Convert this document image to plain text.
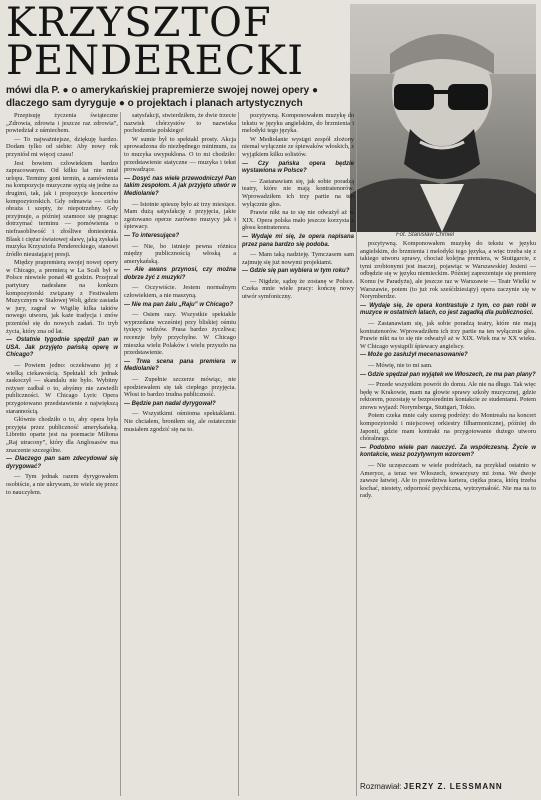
KRZYSZTOF
PENDERECKI
mówi dla P. ● o amerykańskiej prapremierze swojej nowej opery ● dlaczego sam dyryguje ● o projektach i planach artystycznych
Fot. Stanisław Chmiel

Przepisuję życzenia świąteczne „Zdrowia, zdrowia i jeszcze raz zdrowia”, powiedział z uśmiechem.

— To najważniejsze, dziękuję bardzo. Dodam tylko od siebie: Aby nowy rok przyniósł mi więcej czasu!

Jest bowiem człowiekiem bardzo zapracowanym. Od kilku lat nie miał urlopu. Terminy goni termin, a zamówienia na kompozycje muzyczne sypią się jedne za drugimi, tak, jak i propozycje koncertów kompozytorskich. Gdy odmawia — cichu obraża i szepty, że niepotrzebny. Gdy przyjmuje, a później szamoce się pragnąc dotrzymać terminu — pomówienia o niefrasobliwość i złośliwe doniesienia. Blask i ciężar światowej sławy, jaką zyskała muzyka Krzysztofa Pendereckiego, stanowi źródło nieustającej presji.

Między prapremierą swojej nowej opery w Chicago, a premierą w La Scali był w Polsce niewiele ponad 48 godzin. Przejrzał partytury nadesłane na konkurs kompozytorski związany z Festiwalem Muzycznym w Stalowej Woli, gdzie zasiada w jury, zagrał w Wigilię kilka taktów nowego utworu, jak każe tradycja i znów przeniósł się do nowych zadań. To tryb życia, który zna od lat.

— Ostatnie tygodnie spędził pan w USA. Jak przyjęto pańską operę w Chicago?

— Powiem jedno: oczekiwano jej z wielką ciekawością. Spektakl ich jednak zaskoczył — skandalu nie było. Wybitny reżyser zadbał o to, abyśmy nie zawiedli publiczności. W Chicago Lyric Opera przygotowano przedstawienie z największą starannością.

Głównie chodziło o to, aby opera była przyjęta przez publiczność amerykańską. Libretto oparte jest na poemacie Miltona „Raj utracony”, który dla Anglosasów ma znaczenie szczególne.

— Dlaczego pan sam zdecydował się dyrygować?

— Tym jednak razem dyrygowałem osobiście, a nie ukrywam, że wiele się przez to nauczyłem.

satysfakcji, stwierdziłem, że dwie trzecie nazwisk chórzystów to nazwiska pochodzenia polskiego!

W sumie był to spektakl prosty. Akcja sprowadzona do niezbędnego minimum, za to muzyka uwypuklona. O to mi chodziło: przedstawienie statyczne — muzyka i tekst prowadzące.

— Dosyć nas wiele przewodniczył Pan takim zespołom. A jak przyjęto utwór w Mediolanie?

— Istotnie spieszę było aż trzy miesiące. Mam dużą satysfakcję z przyjęcia, jakie zgotowano operze zarówno muzycy jak i śpiewacy.

— To interesujące?

— Nie, bo istnieje pewna różnica między publicznością włoską a amerykańską.

— Ale awans przynosi, czy można dobrze żyć z muzyki?

— Oczywiście. Jestem normalnym człowiekiem, a nie maszyną.

— Nie ma pan żalu „Raju” w Chicago?

— Osiem razy. Wszystkie spektakle wyprzedane wcześniej przy bliskiej ośmiu tysięcy widzów. Prasa bardzo życzliwa; recenzje były przychylne. W Chicago mieszka wielu Polaków i wielu przyszło na przedstawienie.

— Trwa scena pana premiera w Mediolanie?

— Zupełnie szczerze mówiąc, nie spodziewałem się tak ciepłego przyjęcia. Włosi to bardzo trudna publiczność.

— Będzie pan nadal dyrygował?

— Wszystkimi ośmioma spektaklami. Nie chciałem, broniłem się, ale ostatecznie musiałem zgodzić się na to.

pozytywną. Komponowałem muzykę do tekstu w języku angielskim, do brzmienia i melodyki tego języka.

W Mediolanie wystąpi zespół złożony niemal wyłącznie ze śpiewaków włoskich, z wyjątkiem kilku solistów.

— Czy pańska opera będzie wystawiona w Polsce?

— Zastanawiam się, jak sobie poradzą teatry, które nie mają kontratenorów. Wprowadziłem ich trzy partie na ten wyłącznie głos.

Prawie nikt na to się nie odważył aż w XIX. Opera polska mało jeszcze korzysta z głosu kontratenora.

— Wydaje mi się, że opera napisana przez pana bardzo się podoba.

— Mam taką nadzieję. Tymczasem sam zajmuję się już nowymi projektami.

— Gdzie się pan wybiera w tym roku?

— Nigdzie, sądzę że zostanę w Polsce. Czeka mnie wiele pracy: kończę nowy utwór symfoniczny.

pozytywną. Komponowałem muzykę do tekstu w języku angielskim, do brzmienia i melodyki tego języka, a więc trzeba się z takiego utworu sprawy, chociaż kolejna premiera, w Stuttgarcie, z tymi zrobionymi jest inaczej, pojawiąc w Warszawskiej Jesieni — odbędzie się w języku niemieckim. Później zaprezentuje się premierę Komu (w Paradyżu), ale jeszcze raz w Warszawie — Teatr Wielki w Warszawie, potem (to już rok sześćdziesiąty) opera zaczynie się w Norymberdze.

— Wydaje się, że opera kontrastuje z tym, co pan robi w muzyce w ostatnich latach, co jest zagadką dla publiczności.

— Zastanawiam się, jak sobie poradzą teatry, które nie mają kontratenorów. Wprowadziłem ich trzy partie na ten wyłącznie głos. Prawie nikt na to się nie odważył aż w XIX. Wiek ma w XX wieku. W Chicago wystąpili śpiewacy angielscy.

— Może go zasłużył mecenasowanie?

— Mówię, nie to mi sam.

— Gdzie spędzał pan wyjątek we Włoszech, ze ma pan plany?

— Przede wszystkim powrót do domu. Ale nie na długo. Tak więc będę w Krakowie, mam na głowie sprawy szkoły muzycznej, gdzie rektorem, pozostaję w bezpośrednim kontakcie ze studentami. Potem znowu wyjazd: Norymberga, Stuttgart, Tokio.

Potem czeka mnie cały szereg podróży: do Montrealu na koncert kompozytorski i miejscowej orkiestry filharmonicznej, później do Japonii, gdzie mam kontrakt na przygotowanie dużego utworu chóralnego.

— Podobno wiele pan nauczyć. Za współczesną. Życie w kontakcie, wasz pozytywnym wzorcem?

— Nie uczęszczam w wiele podróżach, na przykład ostatnio w Ameryce, a teraz we Włoszech, towarzyszy mi żona. We dwoje zawsze łatwiej. Ale to prawdziwa kariera, ciężka praca, którą trzeba kochać, niestety, odporność psychiczna, wytrzymałość. Nie ma na to rady.

Rozmawiał: JERZY Z. LESSMANN
